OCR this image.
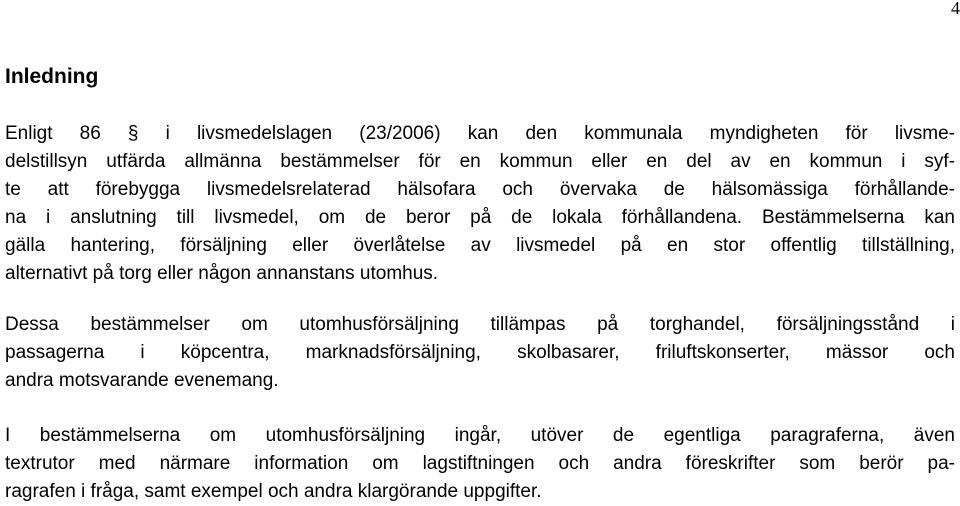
4
Inledning
Enligt 86 § i livsmedelslagen (23/2006) kan den kommunala myndigheten för livsme-
delstillsyn utfärda allmänna bestämmelser för en kommun eller en del av en kommun i syf-
te att förebygga livsmedelsrelaterad hälsofara och övervaka de hälsomässiga förhållande-
na i anslutning till livsmedel, om de beror på de lokala förhållandena. Bestämmelserna kan
gälla hantering, försäljning eller överlåtelse av livsmedel på en stor offentlig tillställning,
alternativt på torg eller någon annanstans utomhus.
Dessa bestämmelser om utomhusförsäljning tillämpas på torghandel, försäljningsstånd i
passagerna i köpcentra, marknadsförsäljning, skolbasarer, friluftskonserter, mässor och
andra motsvarande evenemang.
I bestämmelserna om utomhusförsäljning ingår, utöver de egentliga paragraferna, även
textrutor med närmare information om lagstiftningen och andra föreskrifter som berör pa-
ragrafen i fråga, samt exempel och andra klargörande uppgifter.
